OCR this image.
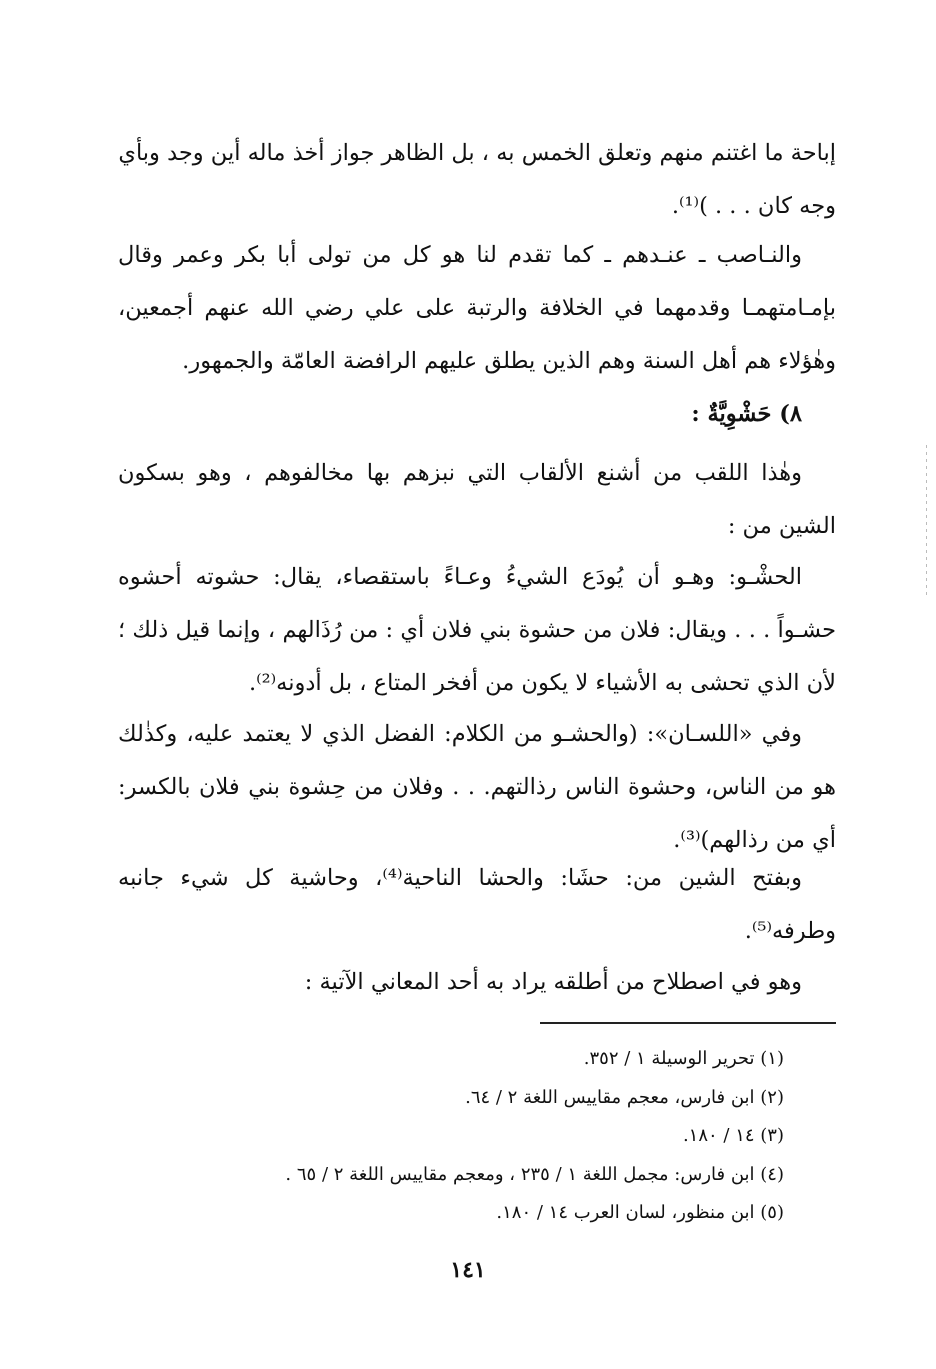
إباحة ما اغتنم منهم وتعلق الخمس به ، بل الظاهر جواز أخذ ماله أين وجد وبأي

وجه كان . . . )⁽¹⁾.

والنـاصب ـ عنـدهم ـ كما تقدم لنا هو كل من تولى أبا بكر وعمر وقال بإمـامتهمـا وقدمهما في الخلافة والرتبة على علي رضي الله عنهم أجمعين، وهٰؤلاء هم أهل السنة وهم الذين يطلق عليهم الرافضة العامّة والجمهور.

٨) حَشْوِيَّةٌ :

وهٰذا اللقب من أشنع الألقاب التي نبزهم بها مخالفوهم ، وهو بسكون الشين من :

الحشْـو: وهـو أن يُودَع الشيءُ وعـاءً باستقصاء، يقال: حشوته أحشوه حشـواً . . . ويقال: فلان من حشوة بني فلان أي : من رُذَالهم ، وإنما قيل ذلك ؛ لأن الذي تحشى به الأشياء لا يكون من أفخر المتاع ، بل أدونه⁽²⁾.

وفي «اللسـان»: (والحشـو من الكلام: الفضل الذي لا يعتمد عليه، وكذٰلك هو من الناس، وحشوة الناس رذالتهم. . . وفلان من حِشوة بني فلان بالكسر: أي من رذالهم)⁽³⁾.

وبفتح الشين من: حشَا: والحشا الناحية⁽⁴⁾، وحاشية كل شيء جانبه وطرفه⁽⁵⁾.

وهو في اصطلاح من أطلقه يراد به أحد المعاني الآتية :

(١) تحرير الوسيلة ١ / ٣٥٢.

(٢) ابن فارس، معجم مقاييس اللغة ٢ / ٦٤.

(٣) ١٤ / ١٨٠.

(٤) ابن فارس: مجمل اللغة ١ / ٢٣٥ ، ومعجم مقاييس اللغة ٢ / ٦٥ .

(٥) ابن منظور، لسان العرب ١٤ / ١٨٠.

١٤١
